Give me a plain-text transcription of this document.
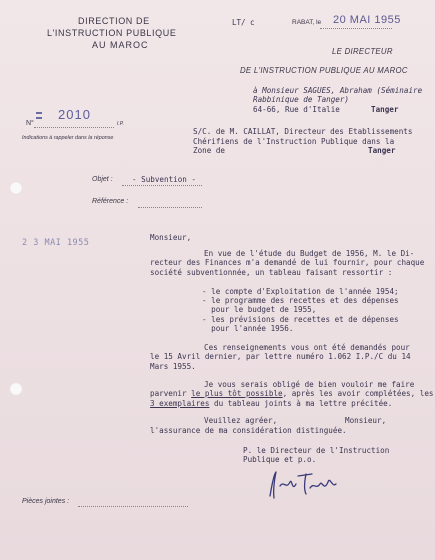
DIRECTION DE
L'INSTRUCTION PUBLIQUE
AU MAROC
LT/ c	RABAT, le 20 MAI 1955
LE DIRECTEUR
DE L'INSTRUCTION PUBLIQUE AU MAROC
N°
2010
I.P.
Indications à rappeler dans la réponse
à Monsieur SAGUES, Abraham (Séminaire
Rabbinique de Tanger)
64-66, Rue d'Italie	Tanger
S/C. de M. CAILLAT, Directeur des Etablissements
Chérifiens de l'Instruction Publique dans la
Zone de	Tanger
Objet :	- Subvention -
Référence :
2 3 MAI 1955
Monsieur,
En vue de l'étude du Budget de 1956, M. le Di-
recteur des Finances m'a demandé de lui fournir, pour chaque
société subventionnée, un tableau faisant ressortir :
- le compte d'Exploitation de l'année 1954;
- le programme des recettes et des dépenses
pour le budget de 1955,
- les prévisions de recettes et de dépenses
pour l'année 1956.
Ces renseignements vous ont été demandés pour
le 15 Avril dernier, par lettre numéro 1.062 I.P./C du 14
Mars 1955.
Je vous serais obligé de bien vouloir me faire
parvenir le plus tôt possible, après les avoir complétées, les
3 exemplaires du tableau joints à ma lettre précitée.
Veuillez agréer,	Monsieur,
l'assurance de ma considération distinguée.
P. le Directeur de l'Instruction
Publique et p.o.
Pièces jointes :
